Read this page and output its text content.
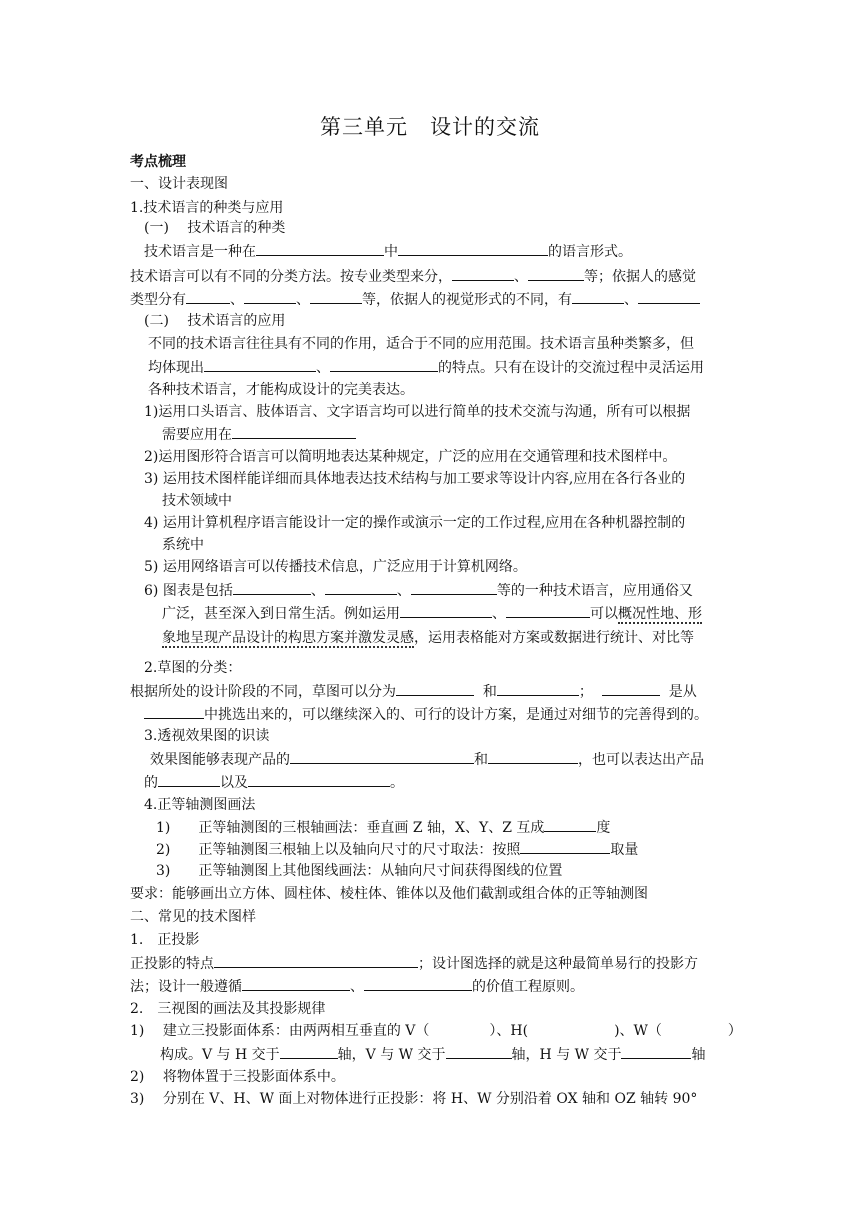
第三单元　设计的交流
考点梳理
一、设计表现图
1.技术语言的种类与应用
(一)　 技术语言的种类
技术语言是一种在	中	的语言形式。
技术语言可以有不同的分类方法。按专业类型来分，	、	等；依据人的感觉
类型分有	、	、	等，依据人的视觉形式的不同，有	、
(二)　 技术语言的应用
不同的技术语言往往具有不同的作用，适合于不同的应用范围。技术语言虽种类繁多，但
均体现出	、	的特点。只有在设计的交流过程中灵活运用
各种技术语言，才能构成设计的完美表达。
1)运用口头语言、肢体语言、文字语言均可以进行简单的技术交流与沟通，所有可以根据
需要应用在
2)运用图形符合语言可以简明地表达某种规定，广泛的应用在交通管理和技术图样中。
3) 运用技术图样能详细而具体地表达技术结构与加工要求等设计内容,应用在各行各业的
技术领域中
4) 运用计算机程序语言能设计一定的操作或演示一定的工作过程,应用在各种机器控制的
系统中
5) 运用网络语言可以传播技术信息，广泛应用于计算机网络。
6) 图表是包括	、	、	等的一种技术语言，应用通俗又
广泛，甚至深入到日常生活。例如运用	、	可以概况性地、形
象地呈现产品设计的构思方案并激发灵感，运用表格能对方案或数据进行统计、对比等
2.草图的分类：
根据所处的设计阶段的不同，草图可以分为	和	；	是从
中挑选出来的，可以继续深入的、可行的设计方案，是通过对细节的完善得到的。
3.透视效果图的识读
效果图能够表现产品的	和	，也可以表达出产品
的	以及	。
4.正等轴测图画法
1)　　正等轴测图的三根轴画法：垂直画 Z 轴，X、Y、Z 互成	度
2)　　正等轴测图三根轴上以及轴向尺寸的尺寸取法：按照	取量
3)　　正等轴测图上其他图线画法：从轴向尺寸间获得图线的位置
要求：能够画出立方体、圆柱体、棱柱体、锥体以及他们截割或组合体的正等轴测图
二、常见的技术图样
1.　正投影
正投影的特点	；设计图选择的就是这种最简单易行的投影方
法；设计一般遵循	、	的价值工程原则。
2.　三视图的画法及其投影规律
1)　 建立三投影面体系：由两两相互垂直的 V（	）、H(	)、W（	）
构成。V 与 H 交于	轴，V 与 W 交于	轴，H 与 W 交于	轴
2)　 将物体置于三投影面体系中。
3)　 分别在 V、H、W 面上对物体进行正投影：将 H、W 分别沿着 OX 轴和 OZ 轴转 90°
